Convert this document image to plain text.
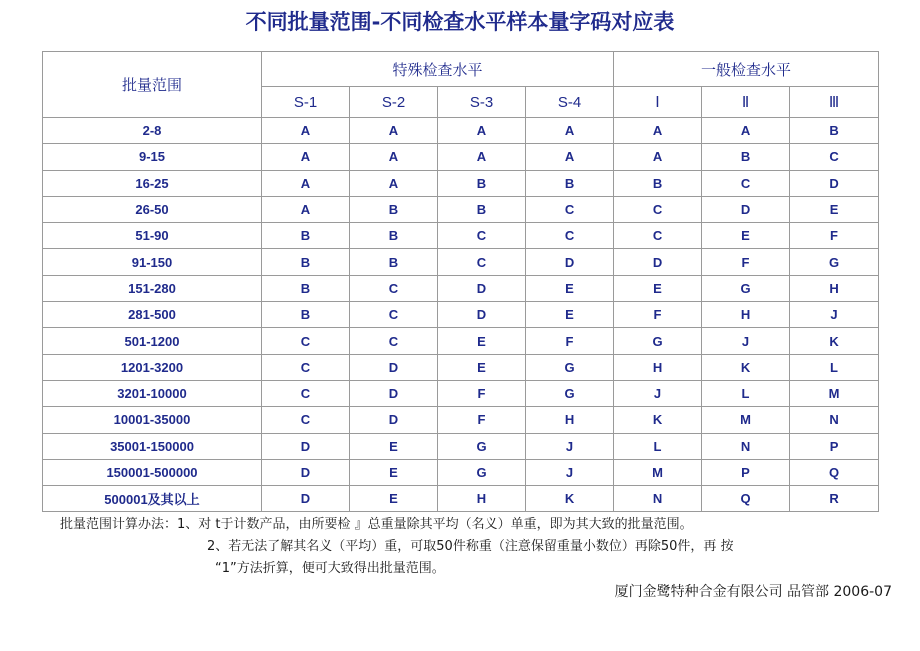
不同批量范围-不同检查水平样本量字码对应表
批量范围	特殊检查水平				一般检查水平		
	S-1	S-2	S-3	S-4	Ⅰ	Ⅱ	Ⅲ
2-8	A	A	A	A	A	A	B
9-15	A	A	A	A	A	B	C
16-25	A	A	B	B	B	C	D
26-50	A	B	B	C	C	D	E
51-90	B	B	C	C	C	E	F
91-150	B	B	C	D	D	F	G
151-280	B	C	D	E	E	G	H
281-500	B	C	D	E	F	H	J
501-1200	C	C	E	F	G	J	K
1201-3200	C	D	E	G	H	K	L
3201-10000	C	D	F	G	J	L	M
10001-35000	C	D	F	H	K	M	N
35001-150000	D	E	G	J	L	N	P
150001-500000	D	E	G	J	M	P	Q
500001及其以上	D	E	H	K	N	Q	R
批量范围计算办法：1、对 t于计数产品，由所要检 』总重量除其平均（名义）单重，即为其大致的批量范围。
2、若无法了解其名义（平均）重，可取50件称重（注意保留重量小数位）再除50件，再 按
“1”方法折算，便可大致得出批量范围。
厦门金鹭特种合金有限公司 品管部 2006-07
